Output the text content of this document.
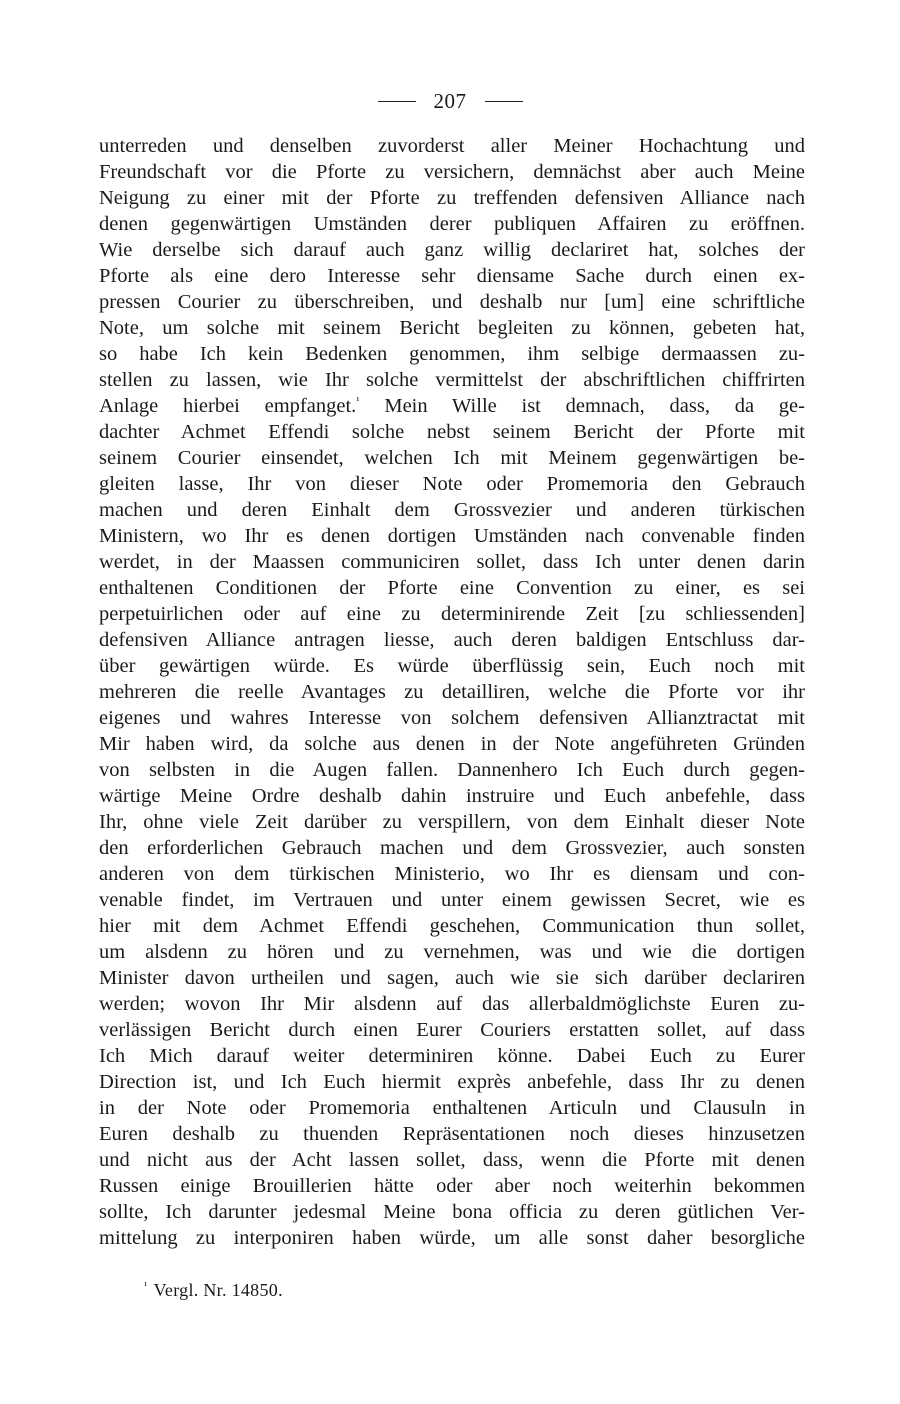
207
unterreden und denselben zuvorderst aller Meiner Hochachtung und
Freundschaft vor die Pforte zu versichern, demnächst aber auch Meine
Neigung zu einer mit der Pforte zu treffenden defensiven Alliance nach
denen gegenwärtigen Umständen derer publiquen Affairen zu eröffnen.
Wie derselbe sich darauf auch ganz willig declariret hat, solches der
Pforte als eine dero Interesse sehr diensame Sache durch einen ex-
pressen Courier zu überschreiben, und deshalb nur [um] eine schriftliche
Note, um solche mit seinem Bericht begleiten zu können, gebeten hat,
so habe Ich kein Bedenken genommen, ihm selbige dermaassen zu-
stellen zu lassen, wie Ihr solche vermittelst der abschriftlichen chiffrirten
Anlage hierbei empfanget.$^{^1}$ Mein Wille ist demnach, dass, da ge-
dachter Achmet Effendi solche nebst seinem Bericht der Pforte mit
seinem Courier einsendet, welchen Ich mit Meinem gegenwärtigen be-
gleiten lasse, Ihr von dieser Note oder Promemoria den Gebrauch
machen und deren Einhalt dem Grossvezier und anderen türkischen
Ministern, wo Ihr es denen dortigen Umständen nach convenable finden
werdet, in der Maassen communiciren sollet, dass Ich unter denen darin
enthaltenen Conditionen der Pforte eine Convention zu einer, es sei
perpetuirlichen oder auf eine zu determinirende Zeit [zu schliessenden]
defensiven Alliance antragen liesse, auch deren baldigen Entschluss dar-
über gewärtigen würde. Es würde überflüssig sein, Euch noch mit
mehreren die reelle Avantages zu detailliren, welche die Pforte vor ihr
eigenes und wahres Interesse von solchem defensiven Allianztractat mit
Mir haben wird, da solche aus denen in der Note angeführeten Gründen
von selbsten in die Augen fallen. Dannenhero Ich Euch durch gegen-
wärtige Meine Ordre deshalb dahin instruire und Euch anbefehle, dass
Ihr, ohne viele Zeit darüber zu verspillern, von dem Einhalt dieser Note
den erforderlichen Gebrauch machen und dem Grossvezier, auch sonsten
anderen von dem türkischen Ministerio, wo Ihr es diensam und con-
venable findet, im Vertrauen und unter einem gewissen Secret, wie es
hier mit dem Achmet Effendi geschehen, Communication thun sollet,
um alsdenn zu hören und zu vernehmen, was und wie die dortigen
Minister davon urtheilen und sagen, auch wie sie sich darüber declariren
werden; wovon Ihr Mir alsdenn auf das allerbaldmöglichste Euren zu-
verlässigen Bericht durch einen Eurer Couriers erstatten sollet, auf dass
Ich Mich darauf weiter determiniren könne. Dabei Euch zu Eurer
Direction ist, und Ich Euch hiermit exprès anbefehle, dass Ihr zu denen
in der Note oder Promemoria enthaltenen Articuln und Clausuln in
Euren deshalb zu thuenden Repräsentationen noch dieses hinzusetzen
und nicht aus der Acht lassen sollet, dass, wenn die Pforte mit denen
Russen einige Brouillerien hätte oder aber noch weiterhin bekommen
sollte, Ich darunter jedesmal Meine bona officia zu deren gütlichen Ver-
mittelung zu interponiren haben würde, um alle sonst daher besorgliche
$^{^1}$ Vergl. Nr. 14850.
